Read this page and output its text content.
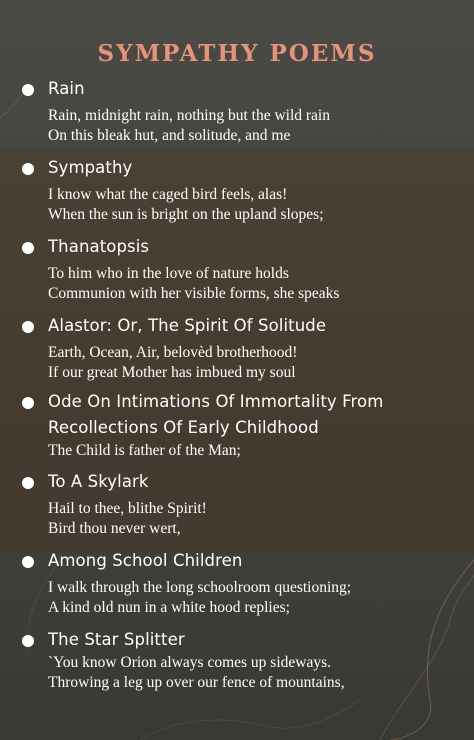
SYMPATHY POEMS
Rain
Rain, midnight rain, nothing but the wild rain
On this bleak hut, and solitude, and me
Sympathy
I know what the caged bird feels, alas!
When the sun is bright on the upland slopes;
Thanatopsis
To him who in the love of nature holds
Communion with her visible forms, she speaks
Alastor: Or, The Spirit Of Solitude
Earth, Ocean, Air, belovèd brotherhood!
If our great Mother has imbued my soul
Ode On Intimations Of Immortality From Recollections Of Early Childhood
The Child is father of the Man;
To A Skylark
Hail to thee, blithe Spirit!
Bird thou never wert,
Among School Children
I walk through the long schoolroom questioning;
A kind old nun in a white hood replies;
The Star Splitter
`You know Orion always comes up sideways.
Throwing a leg up over our fence of mountains,
